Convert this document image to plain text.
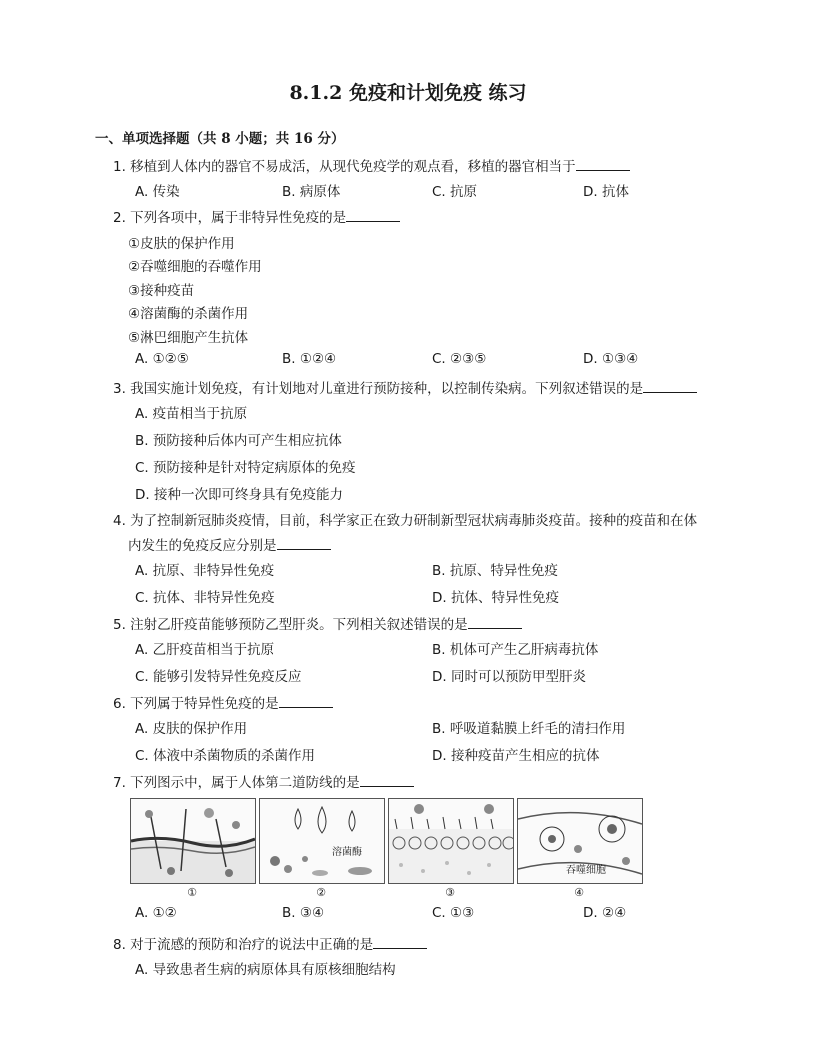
8.1.2 免疫和计划免疫 练习
一、单项选择题（共 8 小题；共 16 分）
1. 移植到人体内的器官不易成活，从现代免疫学的观点看，移植的器官相当于
A. 传染	B. 病原体	C. 抗原	D. 抗体
2. 下列各项中，属于非特异性免疫的是
①皮肤的保护作用
②吞噬细胞的吞噬作用
③接种疫苗
④溶菌酶的杀菌作用
⑤淋巴细胞产生抗体
A. ①②⑤	B. ①②④	C. ②③⑤	D. ①③④
3. 我国实施计划免疫，有计划地对儿童进行预防接种，以控制传染病。下列叙述错误的是
A. 疫苗相当于抗原
B. 预防接种后体内可产生相应抗体
C. 预防接种是针对特定病原体的免疫
D. 接种一次即可终身具有免疫能力
4. 为了控制新冠肺炎疫情，目前，科学家正在致力研制新型冠状病毒肺炎疫苗。接种的疫苗和在体
内发生的免疫反应分别是
A. 抗原、非特异性免疫	B. 抗原、特异性免疫
C. 抗体、非特异性免疫	D. 抗体、特异性免疫
5. 注射乙肝疫苗能够预防乙型肝炎。下列相关叙述错误的是
A. 乙肝疫苗相当于抗原	B. 机体可产生乙肝病毒抗体
C. 能够引发特异性免疫反应	D. 同时可以预防甲型肝炎
6. 下列属于特异性免疫的是
A. 皮肤的保护作用	B. 呼吸道黏膜上纤毛的清扫作用
C. 体液中杀菌物质的杀菌作用	D. 接种疫苗产生相应的抗体
7. 下列图示中，属于人体第二道防线的是
溶菌酶
吞噬细胞
①	②	③	④
A. ①②	B. ③④	C. ①③	D. ②④
8. 对于流感的预防和治疗的说法中正确的是
A. 导致患者生病的病原体具有原核细胞结构
